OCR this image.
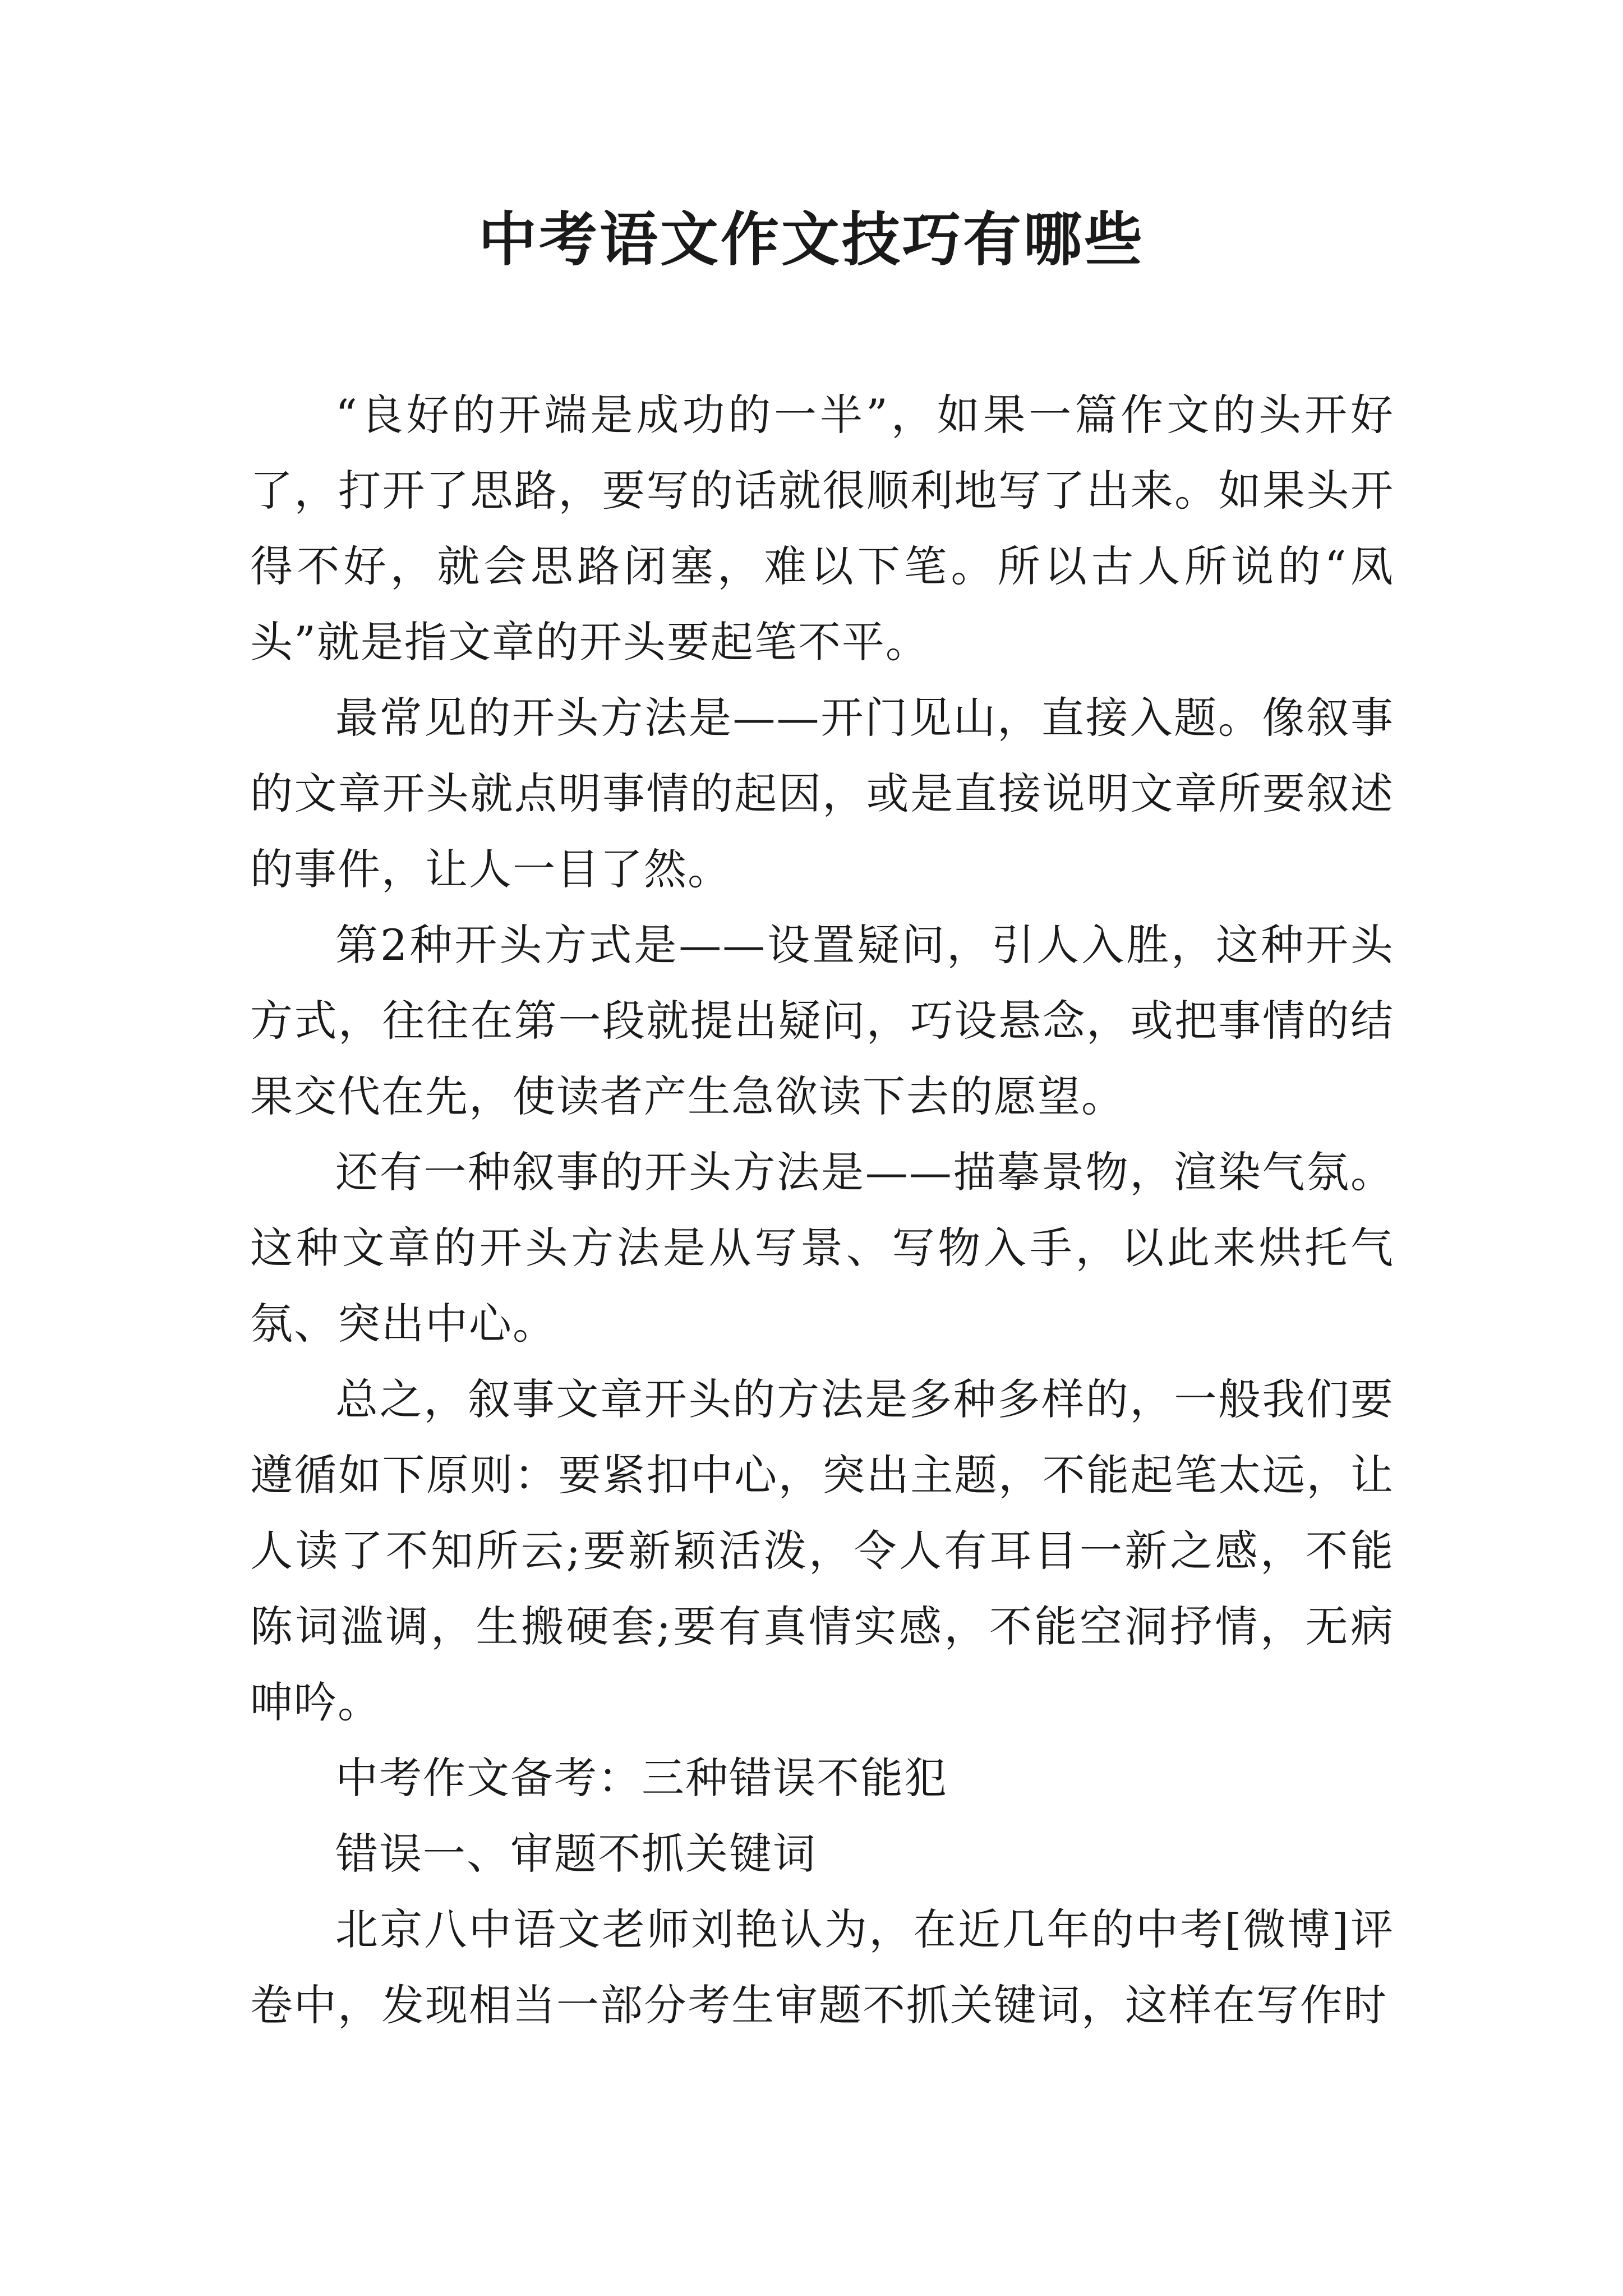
中考语文作文技巧有哪些

“良好的开端是成功的一半”，如果一篇作文的头开好了，打开了思路，要写的话就很顺利地写了出来。如果头开得不好，就会思路闭塞，难以下笔。所以古人所说的“凤头”就是指文章的开头要起笔不平。

最常见的开头方法是——开门见山，直接入题。像叙事的文章开头就点明事情的起因，或是直接说明文章所要叙述的事件，让人一目了然。

第2种开头方式是——设置疑问，引人入胜，这种开头方式，往往在第一段就提出疑问，巧设悬念，或把事情的结果交代在先，使读者产生急欲读下去的愿望。

还有一种叙事的开头方法是——描摹景物，渲染气氛。这种文章的开头方法是从写景、写物入手，以此来烘托气氛、突出中心。

总之，叙事文章开头的方法是多种多样的，一般我们要遵循如下原则：要紧扣中心，突出主题，不能起笔太远，让人读了不知所云;要新颖活泼，令人有耳目一新之感，不能陈词滥调，生搬硬套;要有真情实感，不能空洞抒情，无病呻吟。

中考作文备考：三种错误不能犯

错误一、审题不抓关键词

北京八中语文老师刘艳认为，在近几年的中考[微博]评卷中，发现相当一部分考生审题不抓关键词，这样在写作时
